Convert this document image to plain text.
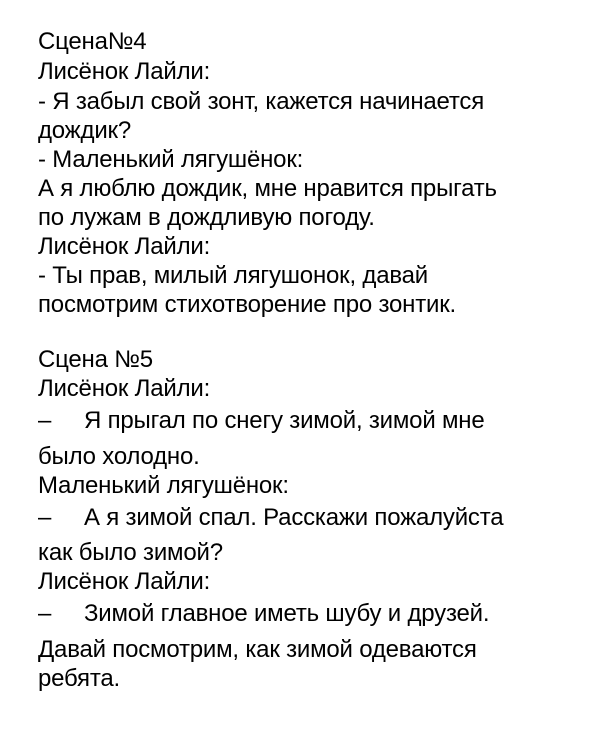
Сцена№4
Лисёнок Лайли:
- Я забыл свой зонт, кажется начинается
дождик?
- Маленький лягушёнок:
А я люблю дождик, мне нравится прыгать
по лужам в дождливую погоду.
Лисёнок Лайли:
- Ты прав, милый лягушонок, давай
посмотрим стихотворение про зонтик.
Сцена №5
Лисёнок Лайли:
– Я прыгал по снегу зимой, зимой мне
было холодно.
Маленький лягушёнок:
– А я зимой спал. Расскажи пожалуйста
как было зимой?
Лисёнок Лайли:
– Зимой главное иметь шубу и друзей.
Давай посмотрим, как зимой одеваются
ребята.
